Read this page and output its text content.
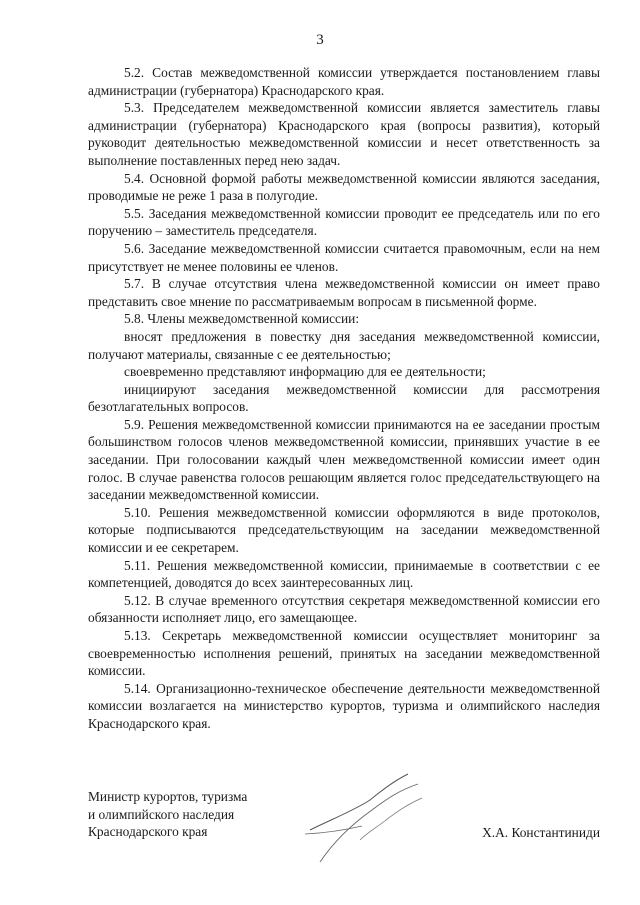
3

5.2. Состав межведомственной комиссии утверждается постановлением главы администрации (губернатора) Краснодарского края.

5.3. Председателем межведомственной комиссии является заместитель главы администрации (губернатора) Краснодарского края (вопросы развития), который руководит деятельностью межведомственной комиссии и несет ответственность за выполнение поставленных перед нею задач.

5.4. Основной формой работы межведомственной комиссии являются заседания, проводимые не реже 1 раза в полугодие.

5.5. Заседания межведомственной комиссии проводит ее председатель или по его поручению – заместитель председателя.

5.6. Заседание межведомственной комиссии считается правомочным, если на нем присутствует не менее половины ее членов.

5.7. В случае отсутствия члена межведомственной комиссии он имеет право представить свое мнение по рассматриваемым вопросам в письменной форме.

5.8. Члены межведомственной комиссии:

вносят предложения в повестку дня заседания межведомственной комиссии, получают материалы, связанные с ее деятельностью;

своевременно представляют информацию для ее деятельности;

инициируют заседания межведомственной комиссии для рассмотрения безотлагательных вопросов.

5.9. Решения межведомственной комиссии принимаются на ее заседании простым большинством голосов членов межведомственной комиссии, принявших участие в ее заседании. При голосовании каждый член межведомственной комиссии имеет один голос. В случае равенства голосов решающим является голос председательствующего на заседании межведомственной комиссии.

5.10. Решения межведомственной комиссии оформляются в виде протоколов, которые подписываются председательствующим на заседании межведомственной комиссии и ее секретарем.

5.11. Решения межведомственной комиссии, принимаемые в соответствии с ее компетенцией, доводятся до всех заинтересованных лиц.

5.12. В случае временного отсутствия секретаря межведомственной комиссии его обязанности исполняет лицо, его замещающее.

5.13. Секретарь межведомственной комиссии осуществляет мониторинг за своевременностью исполнения решений, принятых на заседании межведомственной комиссии.

5.14. Организационно-техническое обеспечение деятельности межведомственной комиссии возлагается на министерство курортов, туризма и олимпийского наследия Краснодарского края.

Министр курортов, туризма
и олимпийского наследия
Краснодарского края	Х.А. Константиниди
